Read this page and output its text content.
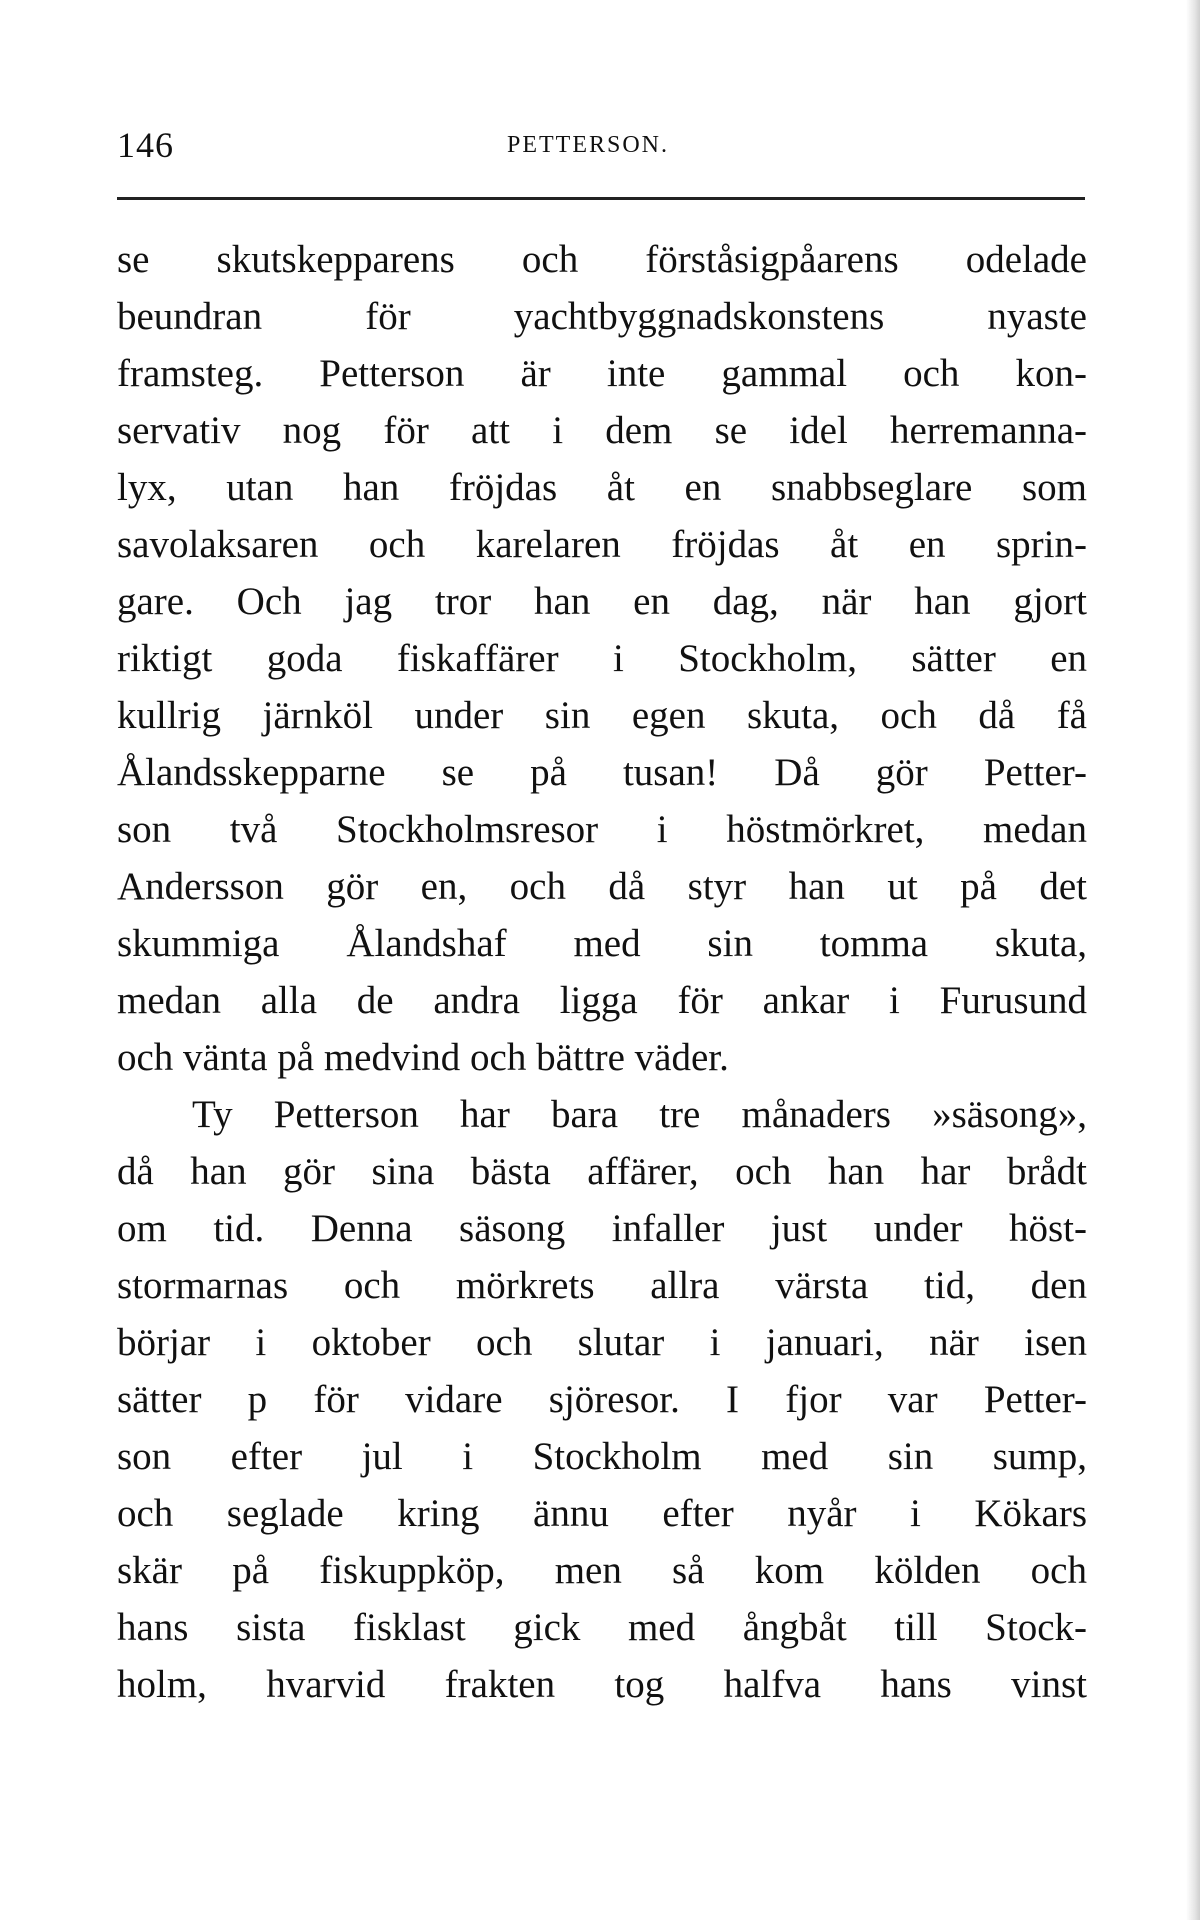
146	PETTERSON.
se skutskepparens och förståsigpåarens odelade
beundran för yachtbyggnadskonstens nyaste
framsteg. Petterson är inte gammal och kon-
servativ nog för att i dem se idel herremanna-
lyx, utan han fröjdas åt en snabbseglare som
savolaksaren och karelaren fröjdas åt en sprin-
gare. Och jag tror han en dag, när han gjort
riktigt goda fiskaffärer i Stockholm, sätter en
kullrig järnköl under sin egen skuta, och då få
Ålandsskepparne se på tusan! Då gör Petter-
son två Stockholmsresor i höstmörkret, medan
Andersson gör en, och då styr han ut på det
skummiga Ålandshaf med sin tomma skuta,
medan alla de andra ligga för ankar i Furusund
och vänta på medvind och bättre väder.
Ty Petterson har bara tre månaders »säsong»,
då han gör sina bästa affärer, och han har brådt
om tid. Denna säsong infaller just under höst-
stormarnas och mörkrets allra värsta tid, den
börjar i oktober och slutar i januari, när isen
sätter p för vidare sjöresor. I fjor var Petter-
son efter jul i Stockholm med sin sump,
och seglade kring ännu efter nyår i Kökars
skär på fiskuppköp, men så kom kölden och
hans sista fisklast gick med ångbåt till Stock-
holm, hvarvid frakten tog halfva hans vinst
